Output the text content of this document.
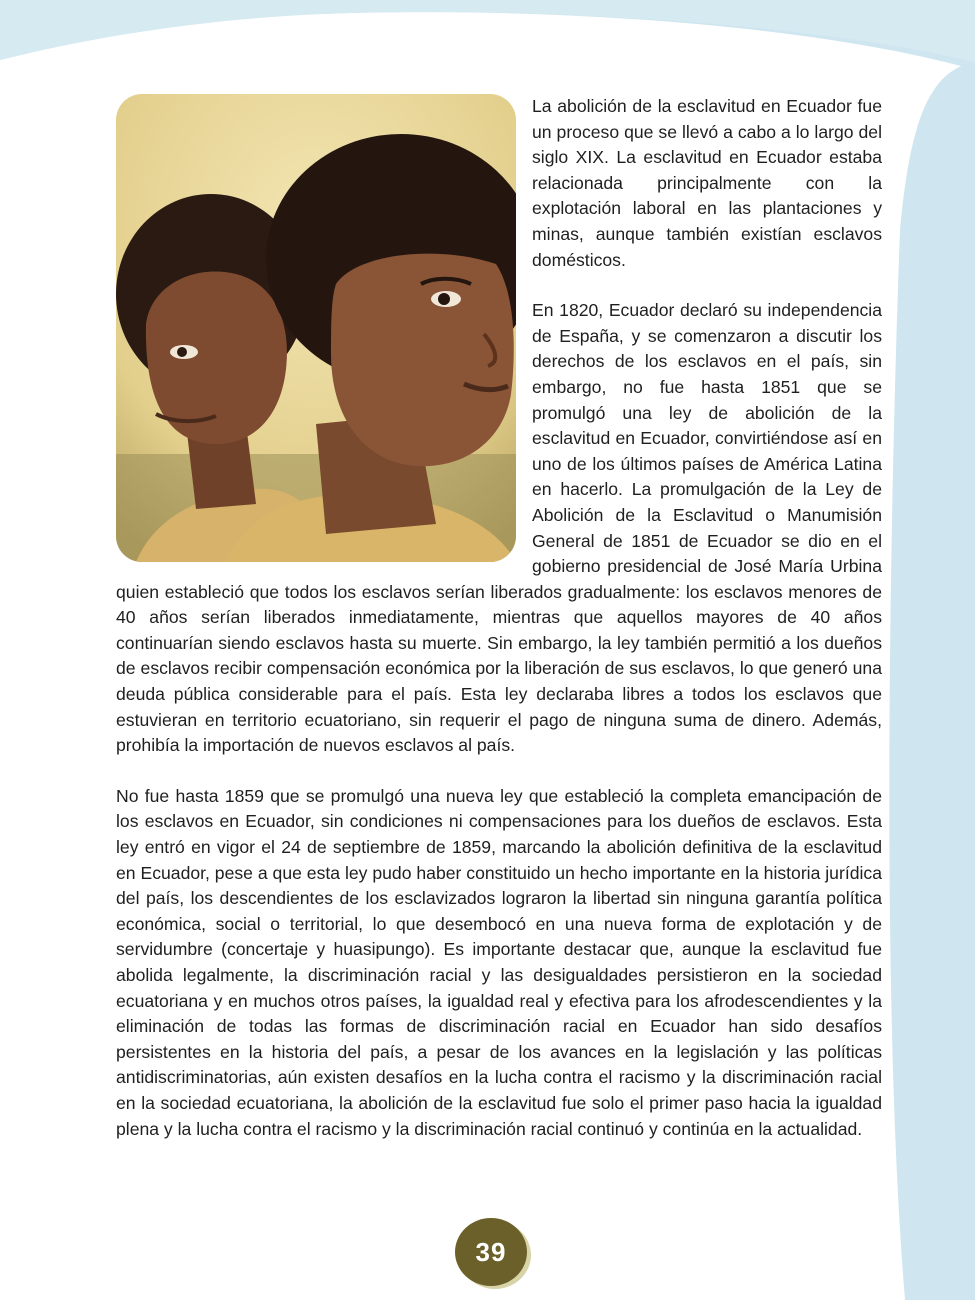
La abolición de la esclavitud en Ecuador fue un proceso que se llevó a cabo a lo largo del siglo XIX. La esclavitud en Ecuador estaba relacionada principalmente con la explotación laboral en las plantaciones y minas, aunque también existían esclavos domésticos.

En 1820, Ecuador declaró su independencia de España, y se comenzaron a discutir los derechos de los esclavos en el país, sin embargo, no fue hasta 1851 que se promulgó una ley de abolición de la esclavitud en Ecuador, convirtiéndose así en uno de los últimos países de América Latina en hacerlo. La promulgación de la Ley de Abolición de la Esclavitud o Manumisión General de 1851 de Ecuador se dio en el gobierno presidencial de José María Urbina quien estableció que todos los esclavos serían liberados gradualmente: los esclavos menores de 40 años serían liberados inmediatamente, mientras que aquellos mayores de 40 años continuarían siendo esclavos hasta su muerte. Sin embargo, la ley también permitió a los dueños de esclavos recibir compensación económica por la liberación de sus esclavos, lo que generó una deuda pública considerable para el país. Esta ley declaraba libres a todos los esclavos que estuvieran en territorio ecuatoriano, sin requerir el pago de ninguna suma de dinero. Además, prohibía la importación de nuevos esclavos al país.

No fue hasta 1859 que se promulgó una nueva ley que estableció la completa emancipación de los esclavos en Ecuador, sin condiciones ni compensaciones para los dueños de esclavos. Esta ley entró en vigor el 24 de septiembre de 1859, marcando la abolición definitiva de la esclavitud en Ecuador, pese a que esta ley pudo haber constituido un hecho importante en la historia jurídica del país, los descendientes de los esclavizados lograron la libertad sin ninguna garantía política económica, social o territorial, lo que desembocó en una nueva forma de explotación y de servidumbre (concertaje y huasipungo). Es importante destacar que, aunque la esclavitud fue abolida legalmente, la discriminación racial y las desigualdades persistieron en la sociedad ecuatoriana y en muchos otros países, la igualdad real y efectiva para los afrodescendientes y la eliminación de todas las formas de discriminación racial en Ecuador han sido desafíos persistentes en la historia del país, a pesar de los avances en la legislación y las políticas antidiscriminatorias, aún existen desafíos en la lucha contra el racismo y la discriminación racial en la sociedad ecuatoriana, la abolición de la esclavitud fue solo el primer paso hacia la igualdad plena y la lucha contra el racismo y la discriminación racial continuó y continúa en la actualidad.

39
